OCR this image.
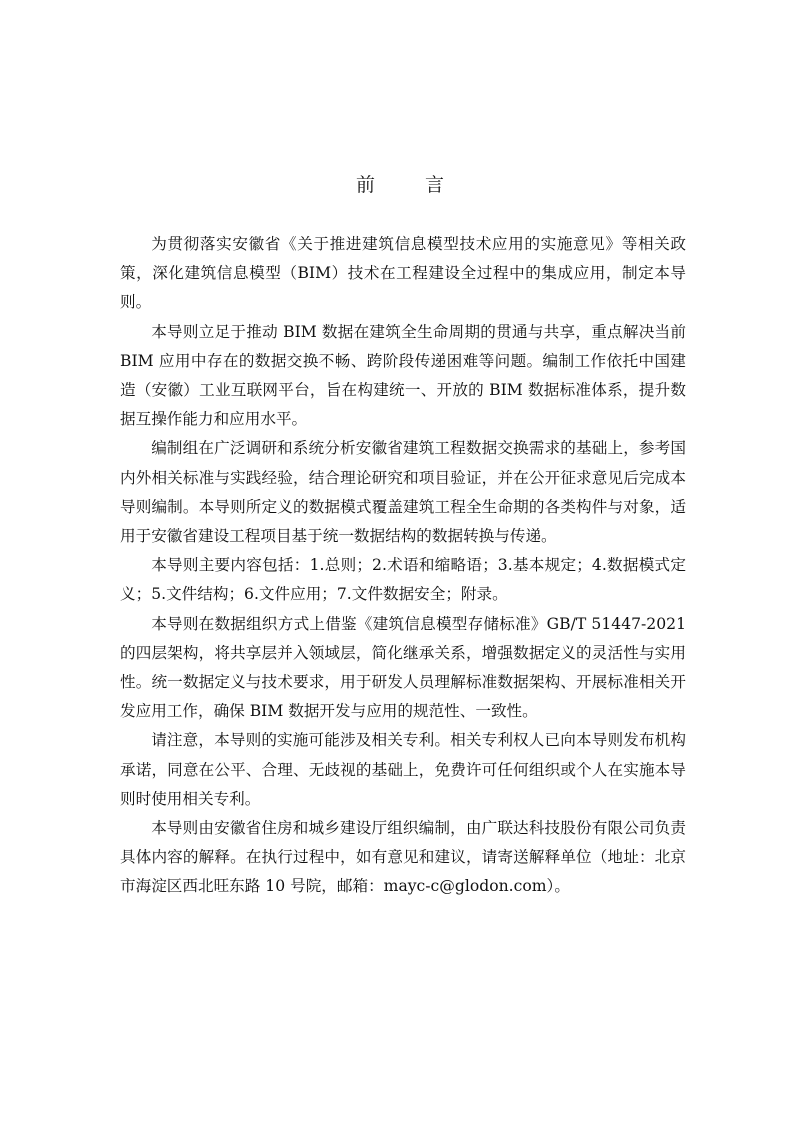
前 言

为贯彻落实安徽省《关于推进建筑信息模型技术应用的实施意见》等相关政策，深化建筑信息模型（BIM）技术在工程建设全过程中的集成应用，制定本导则。

本导则立足于推动 BIM 数据在建筑全生命周期的贯通与共享，重点解决当前 BIM 应用中存在的数据交换不畅、跨阶段传递困难等问题。编制工作依托中国建造（安徽）工业互联网平台，旨在构建统一、开放的 BIM 数据标准体系，提升数据互操作能力和应用水平。

编制组在广泛调研和系统分析安徽省建筑工程数据交换需求的基础上，参考国内外相关标准与实践经验，结合理论研究和项目验证，并在公开征求意见后完成本导则编制。本导则所定义的数据模式覆盖建筑工程全生命期的各类构件与对象，适用于安徽省建设工程项目基于统一数据结构的数据转换与传递。

本导则主要内容包括：1.总则；2.术语和缩略语；3.基本规定；4.数据模式定义；5.文件结构；6.文件应用；7.文件数据安全；附录。

本导则在数据组织方式上借鉴《建筑信息模型存储标准》GB/T 51447-2021 的四层架构，将共享层并入领域层，简化继承关系，增强数据定义的灵活性与实用性。统一数据定义与技术要求，用于研发人员理解标准数据架构、开展标准相关开发应用工作，确保 BIM 数据开发与应用的规范性、一致性。

请注意，本导则的实施可能涉及相关专利。相关专利权人已向本导则发布机构承诺，同意在公平、合理、无歧视的基础上，免费许可任何组织或个人在实施本导则时使用相关专利。

本导则由安徽省住房和城乡建设厅组织编制，由广联达科技股份有限公司负责具体内容的解释。在执行过程中，如有意见和建议，请寄送解释单位（地址：北京市海淀区西北旺东路 10 号院，邮箱：mayc-c@glodon.com）。
